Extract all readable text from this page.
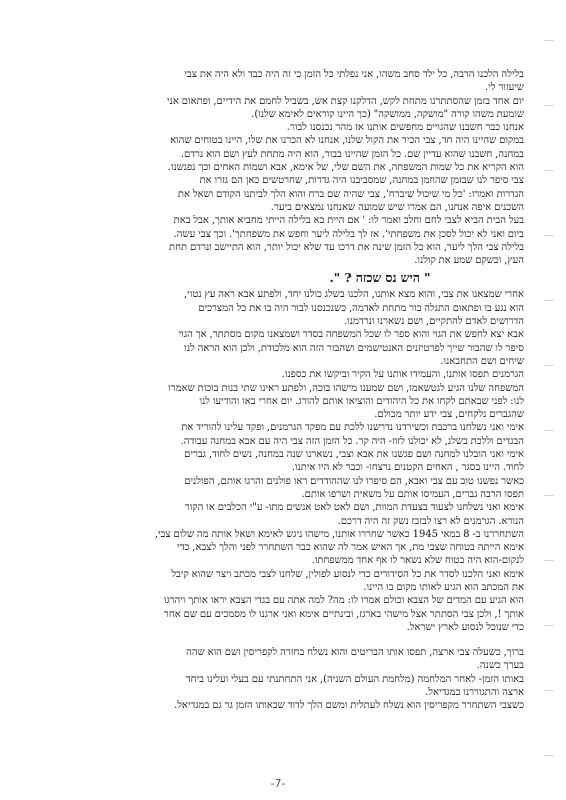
בלילה הלכנו הרבה, כל ילד סחב משהו, אני נפלתי כל הזמן כי זה היה כבד ולא היה את צבי
שיעזור לי.
יום אחד בזמן שהסתתרנו מתחת לקש, הדלקנו קצת אש, בשביל לחמם את הידיים, ופתאום אני
שומעת משהו קורה "מושקה, ממושקה" (כך היינו קוראים לאימא שלנו).
אנחנו כבר חשבנו שהגויים מחפשים אותנו אז מהר נכנסנו לבור.
במקום שהיינו היה חד, צבי הכיר את הקול שלנו, אנחנו לא הכרנו את שלו, היינו בטוחים שהוא
במחנה, חשבנו שהוא עדיין שם. כל הזמן שהיינו בבור, הוא היה מתחת לעץ ושם הוא נרדם.
הוא הקריא את כל שמות המשפחה, את השם שלי, של אימא, אבא ושמות האחים וכך נפגשנו.
צבי סיפר לנו שבזמן שהוזמן במחנה, שמסביבנו היה גדרות, שחרטשים כאן הם גזרו את
הגדרות ואמרו: 'כל מי שיכול שיברח', צבי שהיה שם ברח והוא הלך לביתנו הקודם ושאל את
השכנים איפה אנחנו, הם אמרו שיש שמועה שאנחנו נמצאים ביער.
בעל הבית הביא לצבי לחם וחלב ואמר לו: ' אם היית בא בלילה הייתי מחביא אותך, אבל באת
ביום ואני לא יכול לסכן את משפחתי'. אז לך בלילה ליער וחפש את משפחתך'. וכך צבי עשה.
בלילה צבי הלך ליער, הוא כל הזמן שינה את דרכו עד שלא יכול יותר, הוא התיישב ונרדם תחת
העץ, וכשקם שמע את קולנו.
" היש נס שכזה ? ".
אחרי שמצאנו את צבי, והוא מצא אותנו, הלכנו בשלג כולנו יחד, ולפתע אבא ראה עץ נטוי,
הוא נגע בו ופתאום התגלה בור מתחת לאדמה, כשנכנסנו לבור היה בו את כל המצרכים
הדרושים לאדם להתקיים, ושם נשארנו ונרדמנו.
אבא יצא לחפש את הגוי והוא ספר לו שכל המשפחה בסדר ושמצאנו מקום מסתתר, אך הגוי
סיפר לו שהבור שייך לפרטיזנים האנטישמים ושהבור הזה הוא מלכודת, ולכן הוא הראה לנו
שיחים ושם התחבאנו.
הגרמנים תפסו אותנו, והעמידו אותנו על הקיר וביקשו את כספנו.
המשפחה שלנו הגיע לגטשאמו, ושם שמענו מישהו בוכה, ולפתע ראינו שתי בנות בוכות שאמרו
לנו: לפני שבאתם לקחו את כל היהודים והוציאו אותם להורג. יום אחרי באו והודיעו לנו
שהגברים נלקחים, צבי ידע יותר מכולם.
אימי ואני נשלחנו ברכבת וכשירדנו נדרשנו ללכת עם מפקד הגרמנים, ופקד עלינו להוריד את
הבגדים וללכת בשלג, לא יכולנו לזוז- היה קר. כל הזמן הזה צבי היה עם אבא במחנה עבודה.
אימי ואני הובלנו למחנה ושם פגשנו את אבא וצבי, נשארנו שנה במחנה, נשים לחוד, גברים
לחוד. היינו בסגר , האחים הקטנים נרצחו- וכבר לא היו איתנו.
כאשר נפשנו טוב עם צבי ואבא, הם סיפרו לנו שההודדים ראו פולנים והרגו אותם, הפולנים
תפסו הרבה גברים, העמיסו אותם על משאית ושרפו אותם.
אימא ואני נשלחנו לצעוד בצעדת המוות, ושם לאט לאט אנשים מתו- ע"י הכלבים או הקור
הנורא. הגרמנים לא רצו לבזבז נשק זה היה דרכם.
השתחררנו ב- 8 במאי 1945 כאשר שחררו אותנו, מישהו ניגש לאימא ושאל אותה מה שלום צבי,
אימא הייתה בטוחה שצבי מת, אך האיש אמר לה שהוא כבר השתחרר לפני והלך לצבא, כדי
לנקום-הוא היה בטוח שלא נשאר לו אף אחד ממשפחתו.
אימא ואני הלכנו לסדר את כל הסידורים כדי לנסוע לפולין, שלחנו לצבי מכתב ויצר שהוא קיבל
את המכתב הוא הגיע לאותו מקום בו היינו.
הוא הגיע עם המדים של הצבא וכולם אמרו לו: מה? למה אתה עם בגדי הצבא יראו אותך ויהרגו
אותך !, ולכן צבי הסתתר אצל מישהי בארגז, ובינתיים אימא ואני ארגנו לו מסמכים עם שם אחר
כדי שנוכל לנסוע לארץ ישראל.
ברוך, כשעלה צבי ארצה, תפסו אותו הבריטים והוא נשלח בחזרה לקפריסין ושם הוא שהה
בערך כשנה.
באותו הזמן- לאחר המלחמה (מלחמת העולם השניה), אני התחתנתי עם בעלי ועלינו ביחד
ארצה והתגוררנו במגדיאל.
כשצבי השתחרר מקפריסין הוא נשלח לעתלית ומשם הלך לדוד שבאותו הזמן גר גם במגדיאל.
-7-
